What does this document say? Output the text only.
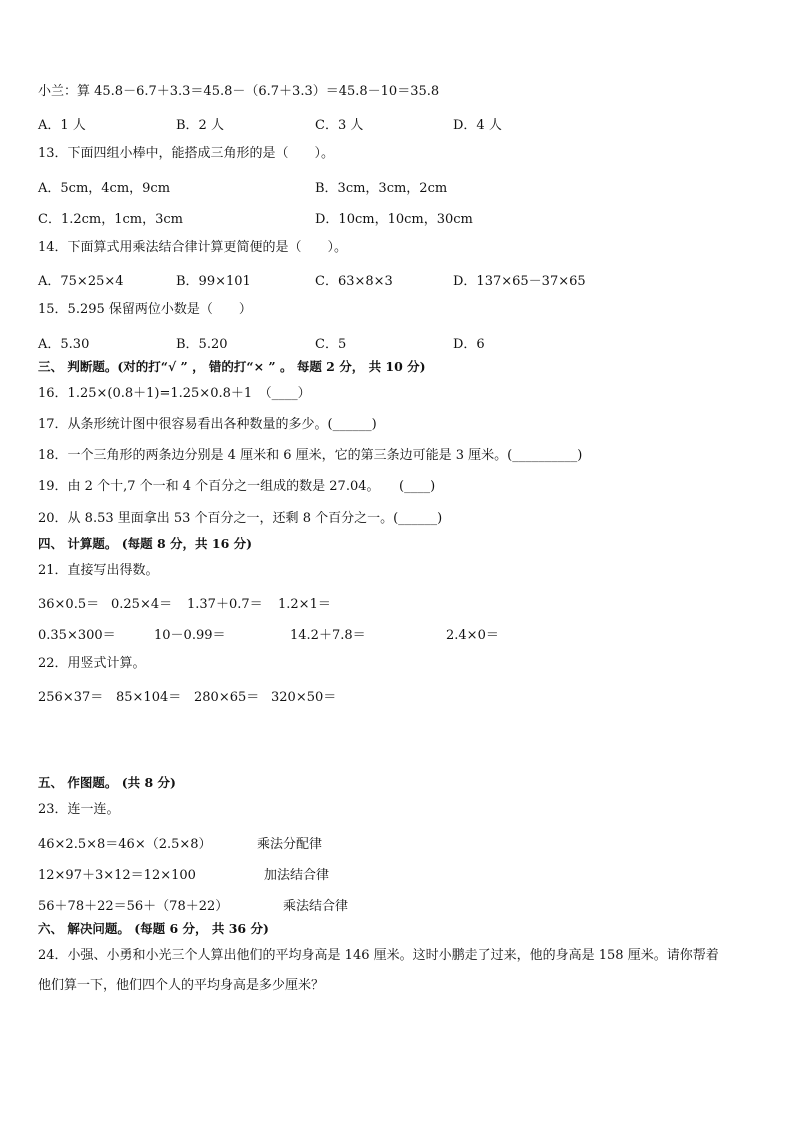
小兰：算 45.8－6.7＋3.3＝45.8－（6.7＋3.3）＝45.8－10＝35.8
A．1 人	B．2 人	C．3 人	D．4 人
13．下面四组小棒中，能搭成三角形的是（　　）。
A．5cm，4cm，9cm	B．3cm，3cm，2cm
C．1.2cm，1cm，3cm	D．10cm，10cm，30cm
14．下面算式用乘法结合律计算更简便的是（　　）。
A．75×25×4	B．99×101	C．63×8×3	D．137×65－37×65
15．5.295 保留两位小数是（　　）
A．5.30	B．5.20	C．5	D．6
三、 判断题。(对的打“√ ” ， 错的打“× ” 。 每题 2 分， 共 10 分)
16．1.25×(0.8＋1)=1.25×0.8＋1　（____）
17．从条形统计图中很容易看出各种数量的多少。(______)
18．一个三角形的两条边分别是 4 厘米和 6 厘米，它的第三条边可能是 3 厘米。(__________)
19．由 2 个十,7 个一和 4 个百分之一组成的数是 27.04。　　(____)
20．从 8.53 里面拿出 53 个百分之一，还剩 8 个百分之一。(______)
四、 计算题。 (每题 8 分，共 16 分)
21．直接写出得数。
36×0.5＝ 0.25×4＝ 1.37＋0.7＝ 1.2×1＝
0.35×300＝	10－0.99＝	14.2＋7.8＝	2.4×0＝
22．用竖式计算。
256×37＝ 85×104＝ 280×65＝ 320×50＝
五、 作图题。 (共 8 分)
23．连一连。
46×2.5×8＝46×（2.5×8）	乘法分配律
12×97＋3×12＝12×100	加法结合律
56＋78＋22＝56＋（78＋22）	乘法结合律
六、 解决问题。 (每题 6 分， 共 36 分)
24．小强、小勇和小光三个人算出他们的平均身高是 146 厘米。这时小鹏走了过来，他的身高是 158 厘米。请你帮着
他们算一下，他们四个人的平均身高是多少厘米？
